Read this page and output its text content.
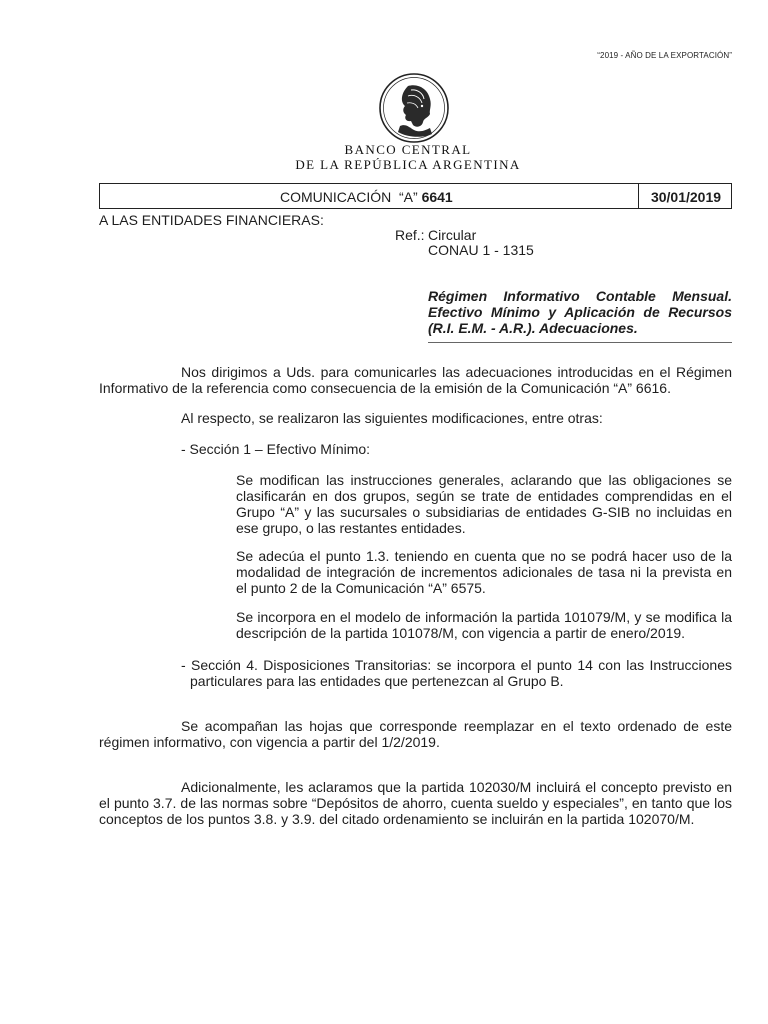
“2019 - AÑO DE LA EXPORTACIÓN”
BANCO CENTRAL
DE LA REPÚBLICA ARGENTINA
COMUNICACIÓN  “A” 6641	30/01/2019
A LAS ENTIDADES FINANCIERAS:
Ref.: Circular
CONAU 1 - 1315
Régimen Informativo Contable Mensual. Efectivo Mínimo y Aplicación de Recursos (R.I. E.M. - A.R.). Adecuaciones.
Nos dirigimos a Uds. para comunicarles las adecuaciones introducidas en el Régimen Informativo de la referencia como consecuencia de la emisión de la Comunicación “A” 6616.
Al respecto, se realizaron las siguientes modificaciones, entre otras:
- Sección 1 – Efectivo Mínimo:
Se modifican las instrucciones generales, aclarando que las obligaciones se clasificarán en dos grupos, según se trate de entidades comprendidas en el Grupo “A” y las sucursales o subsidiarias de entidades G-SIB no incluidas en ese grupo, o las restantes entidades.
Se adecúa el punto 1.3. teniendo en cuenta que no se podrá hacer uso de la modalidad de integración de incrementos adicionales de tasa ni la prevista en el punto 2 de la Comunicación “A” 6575.
Se incorpora en el modelo de información la partida 101079/M, y se modifica la descripción de la partida 101078/M, con vigencia a partir de enero/2019.
- Sección 4. Disposiciones Transitorias: se incorpora el punto 14 con las Instrucciones particulares para las entidades que pertenezcan al Grupo B.
Se acompañan las hojas que corresponde reemplazar en el texto ordenado de este régimen informativo, con vigencia a partir del 1/2/2019.
Adicionalmente, les aclaramos que la partida 102030/M incluirá el concepto previsto en el punto 3.7. de las normas sobre “Depósitos de ahorro, cuenta sueldo y especiales”, en tanto que los conceptos de los puntos 3.8. y 3.9. del citado ordenamiento se incluirán en la partida 102070/M.
